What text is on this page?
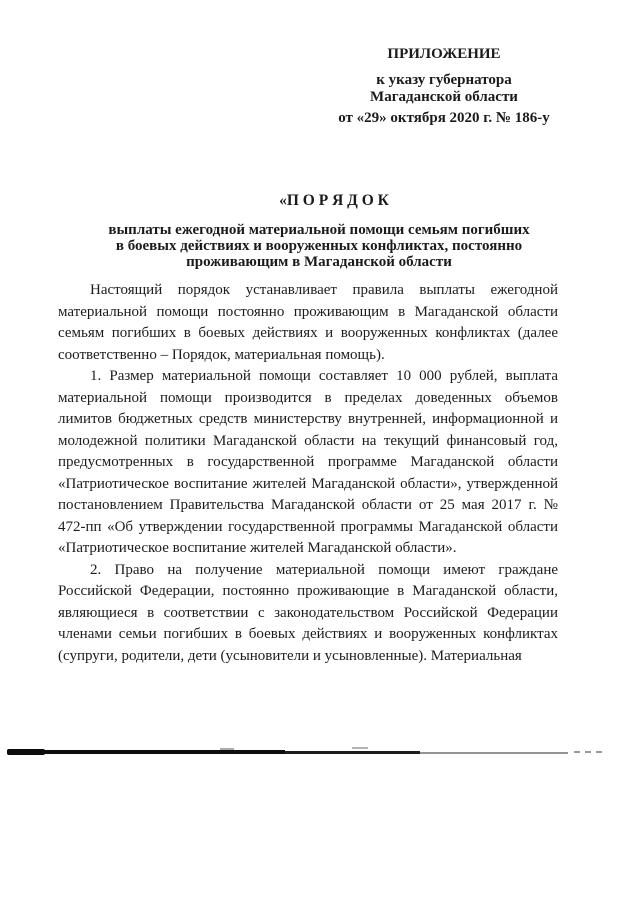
ПРИЛОЖЕНИЕ
к указу губернатора
Магаданской области
от «29» октября 2020 г. № 186-у
«П О Р Я Д О К
выплаты ежегодной материальной помощи семьям погибших
в боевых действиях и вооруженных конфликтах, постоянно
проживающим в Магаданской области

Настоящий порядок устанавливает правила выплаты ежегодной материальной помощи постоянно проживающим в Магаданской области семьям погибших в боевых действиях и вооруженных конфликтах (далее соответственно – Порядок, материальная помощь).

1. Размер материальной помощи составляет 10 000 рублей, выплата материальной помощи производится в пределах доведенных объемов лимитов бюджетных средств министерству внутренней, информационной и молодежной политики Магаданской области на текущий финансовый год, предусмотренных в государственной программе Магаданской области «Патриотическое воспитание жителей Магаданской области», утвержденной постановлением Правительства Магаданской области от 25 мая 2017 г. № 472-пп «Об утверждении государственной программы Магаданской области «Патриотическое воспитание жителей Магаданской области».

2. Право на получение материальной помощи имеют граждане Российской Федерации, постоянно проживающие в Магаданской области, являющиеся в соответствии с законодательством Российской Федерации членами семьи погибших в боевых действиях и вооруженных конфликтах (супруги, родители, дети (усыновители и усыновленные). Материальная
